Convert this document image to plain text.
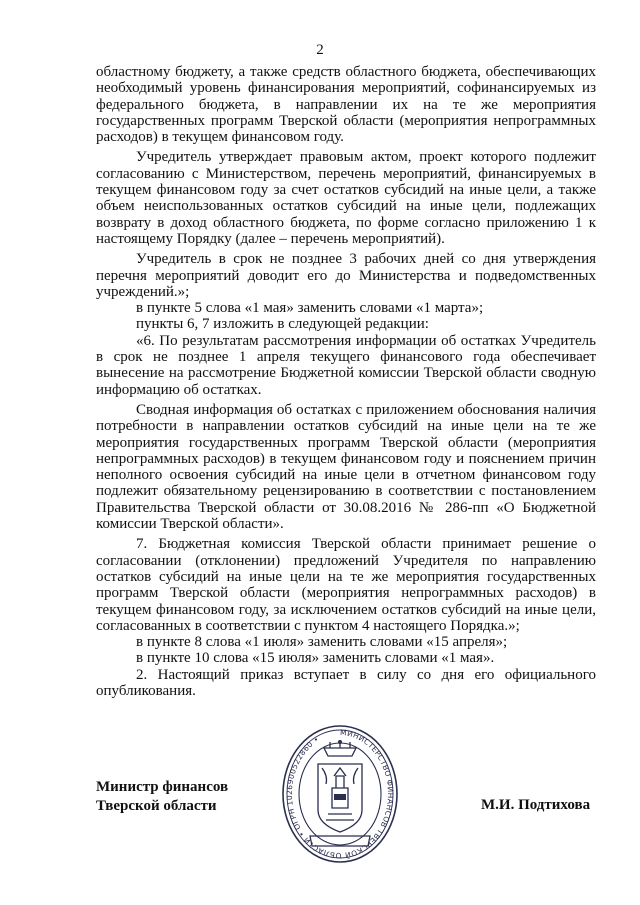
2

областному бюджету, а также средств областного бюджета, обеспечивающих необходимый уровень финансирования мероприятий, софинансируемых из федерального бюджета, в направлении их на те же мероприятия государственных программ Тверской области (мероприятия непрограммных расходов) в текущем финансовом году.

Учредитель утверждает правовым актом, проект которого подлежит согласованию с Министерством, перечень мероприятий, финансируемых в текущем финансовом году за счет остатков субсидий на иные цели, а также объем неиспользованных остатков субсидий на иные цели, подлежащих возврату в доход областного бюджета, по форме согласно приложению 1 к настоящему Порядку (далее – перечень мероприятий).

Учредитель в срок не позднее 3 рабочих дней со дня утверждения перечня мероприятий доводит его до Министерства и подведомственных учреждений.»;

в пункте 5 слова «1 мая» заменить словами «1 марта»;

пункты 6, 7 изложить в следующей редакции:

«6. По результатам рассмотрения информации об остатках Учредитель в срок не позднее 1 апреля текущего финансового года обеспечивает вынесение на рассмотрение Бюджетной комиссии Тверской области сводную информацию об остатках.

Сводная информация об остатках с приложением обоснования наличия потребности в направлении остатков субсидий на иные цели на те же мероприятия государственных программ Тверской области (мероприятия непрограммных расходов) в текущем финансовом году и пояснением причин неполного освоения субсидий на иные цели в отчетном финансовом году подлежит обязательному рецензированию в соответствии с постановлением Правительства Тверской области от 30.08.2016 № 286-пп «О Бюджетной комиссии Тверской области».

7. Бюджетная комиссия Тверской области принимает решение о согласовании (отклонении) предложений Учредителя по направлению остатков субсидий на иные цели на те же мероприятия государственных программ Тверской области (мероприятия непрограммных расходов) в текущем финансовом году, за исключением остатков субсидий на иные цели, согласованных в соответствии с пунктом 4 настоящего Порядка.»;

в пункте 8 слова «1 июля» заменить словами «15 апреля»;

в пункте 10 слова «15 июля» заменить словами «1 мая».

2. Настоящий приказ вступает в силу со дня его официального опубликования.

Министр финансов
Тверской области
МИНИСТЕРСТВО ФИНАНСОВ ТВЕРСКОЙ ОБЛАСТИ • ОГРН 1026900522860 •
М.И. Подтихова
